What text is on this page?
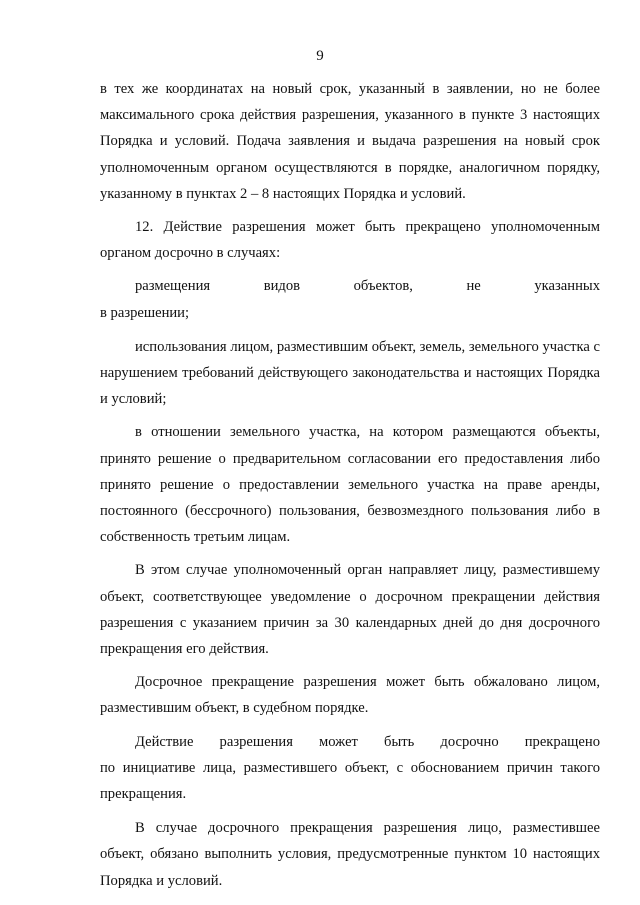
9

в тех же координатах на новый срок, указанный в заявлении, но не более максимального срока действия разрешения, указанного в пункте 3 настоящих Порядка и условий. Подача заявления и выдача разрешения на новый срок уполномоченным органом осуществляются в порядке, аналогичном порядку, указанному в пунктах 2 – 8 настоящих Порядка и условий.

12. Действие разрешения может быть прекращено уполномоченным органом досрочно в случаях:

размещения видов объектов, не указанных

в разрешении;

использования лицом, разместившим объект, земель, земельного участка с нарушением требований действующего законодательства и настоящих Порядка и условий;

в отношении земельного участка, на котором размещаются объекты, принято решение о предварительном согласовании его предоставления либо принято решение о предоставлении земельного участка на праве аренды, постоянного (бессрочного) пользования, безвозмездного пользования либо в собственность третьим лицам.

В этом случае уполномоченный орган направляет лицу, разместившему объект, соответствующее уведомление о досрочном прекращении действия разрешения с указанием причин за 30 календарных дней до дня досрочного прекращения его действия.

Досрочное прекращение разрешения может быть обжаловано лицом, разместившим объект, в судебном порядке.

Действие разрешения может быть досрочно прекращено

по инициативе лица, разместившего объект, с обоснованием причин такого прекращения.

В случае досрочного прекращения разрешения лицо, разместившее объект, обязано выполнить условия, предусмотренные пунктом 10 настоящих Порядка и условий.
